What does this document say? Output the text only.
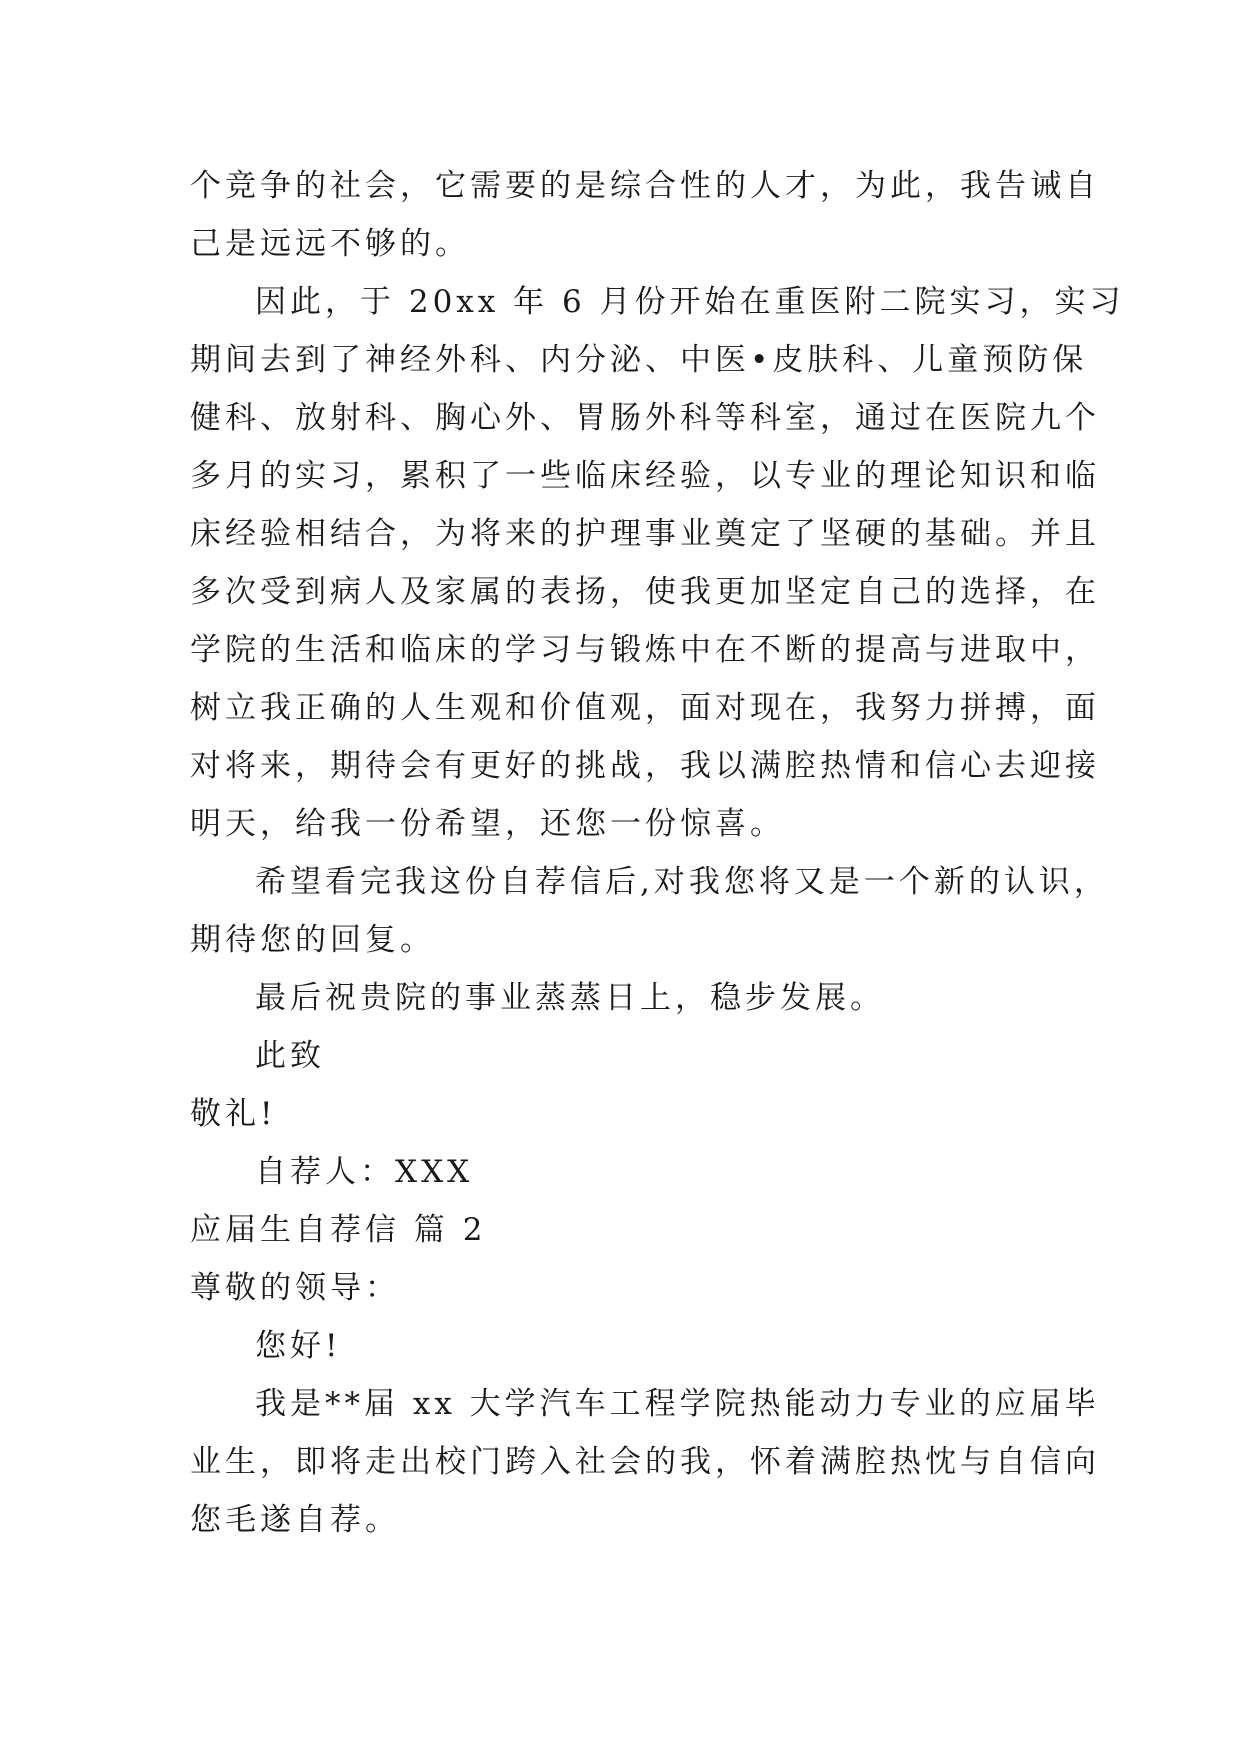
个竞争的社会，它需要的是综合性的人才，为此，我告诫自

己是远远不够的。

因此，于 20xx 年 6 月份开始在重医附二院实习，实习

期间去到了神经外科、内分泌、中医•皮肤科、儿童预防保

健科、放射科、胸心外、胃肠外科等科室，通过在医院九个

多月的实习，累积了一些临床经验，以专业的理论知识和临

床经验相结合，为将来的护理事业奠定了坚硬的基础。并且

多次受到病人及家属的表扬，使我更加坚定自己的选择，在

学院的生活和临床的学习与锻炼中在不断的提高与进取中，

树立我正确的人生观和价值观，面对现在，我努力拼搏，面

对将来，期待会有更好的挑战，我以满腔热情和信心去迎接

明天，给我一份希望，还您一份惊喜。

希望看完我这份自荐信后,对我您将又是一个新的认识，

期待您的回复。

最后祝贵院的事业蒸蒸日上，稳步发展。

此致

敬礼!

自荐人：XXX

应届生自荐信 篇 2

尊敬的领导：

您好!

我是**届 xx 大学汽车工程学院热能动力专业的应届毕

业生，即将走出校门跨入社会的我，怀着满腔热忱与自信向

您毛遂自荐。
